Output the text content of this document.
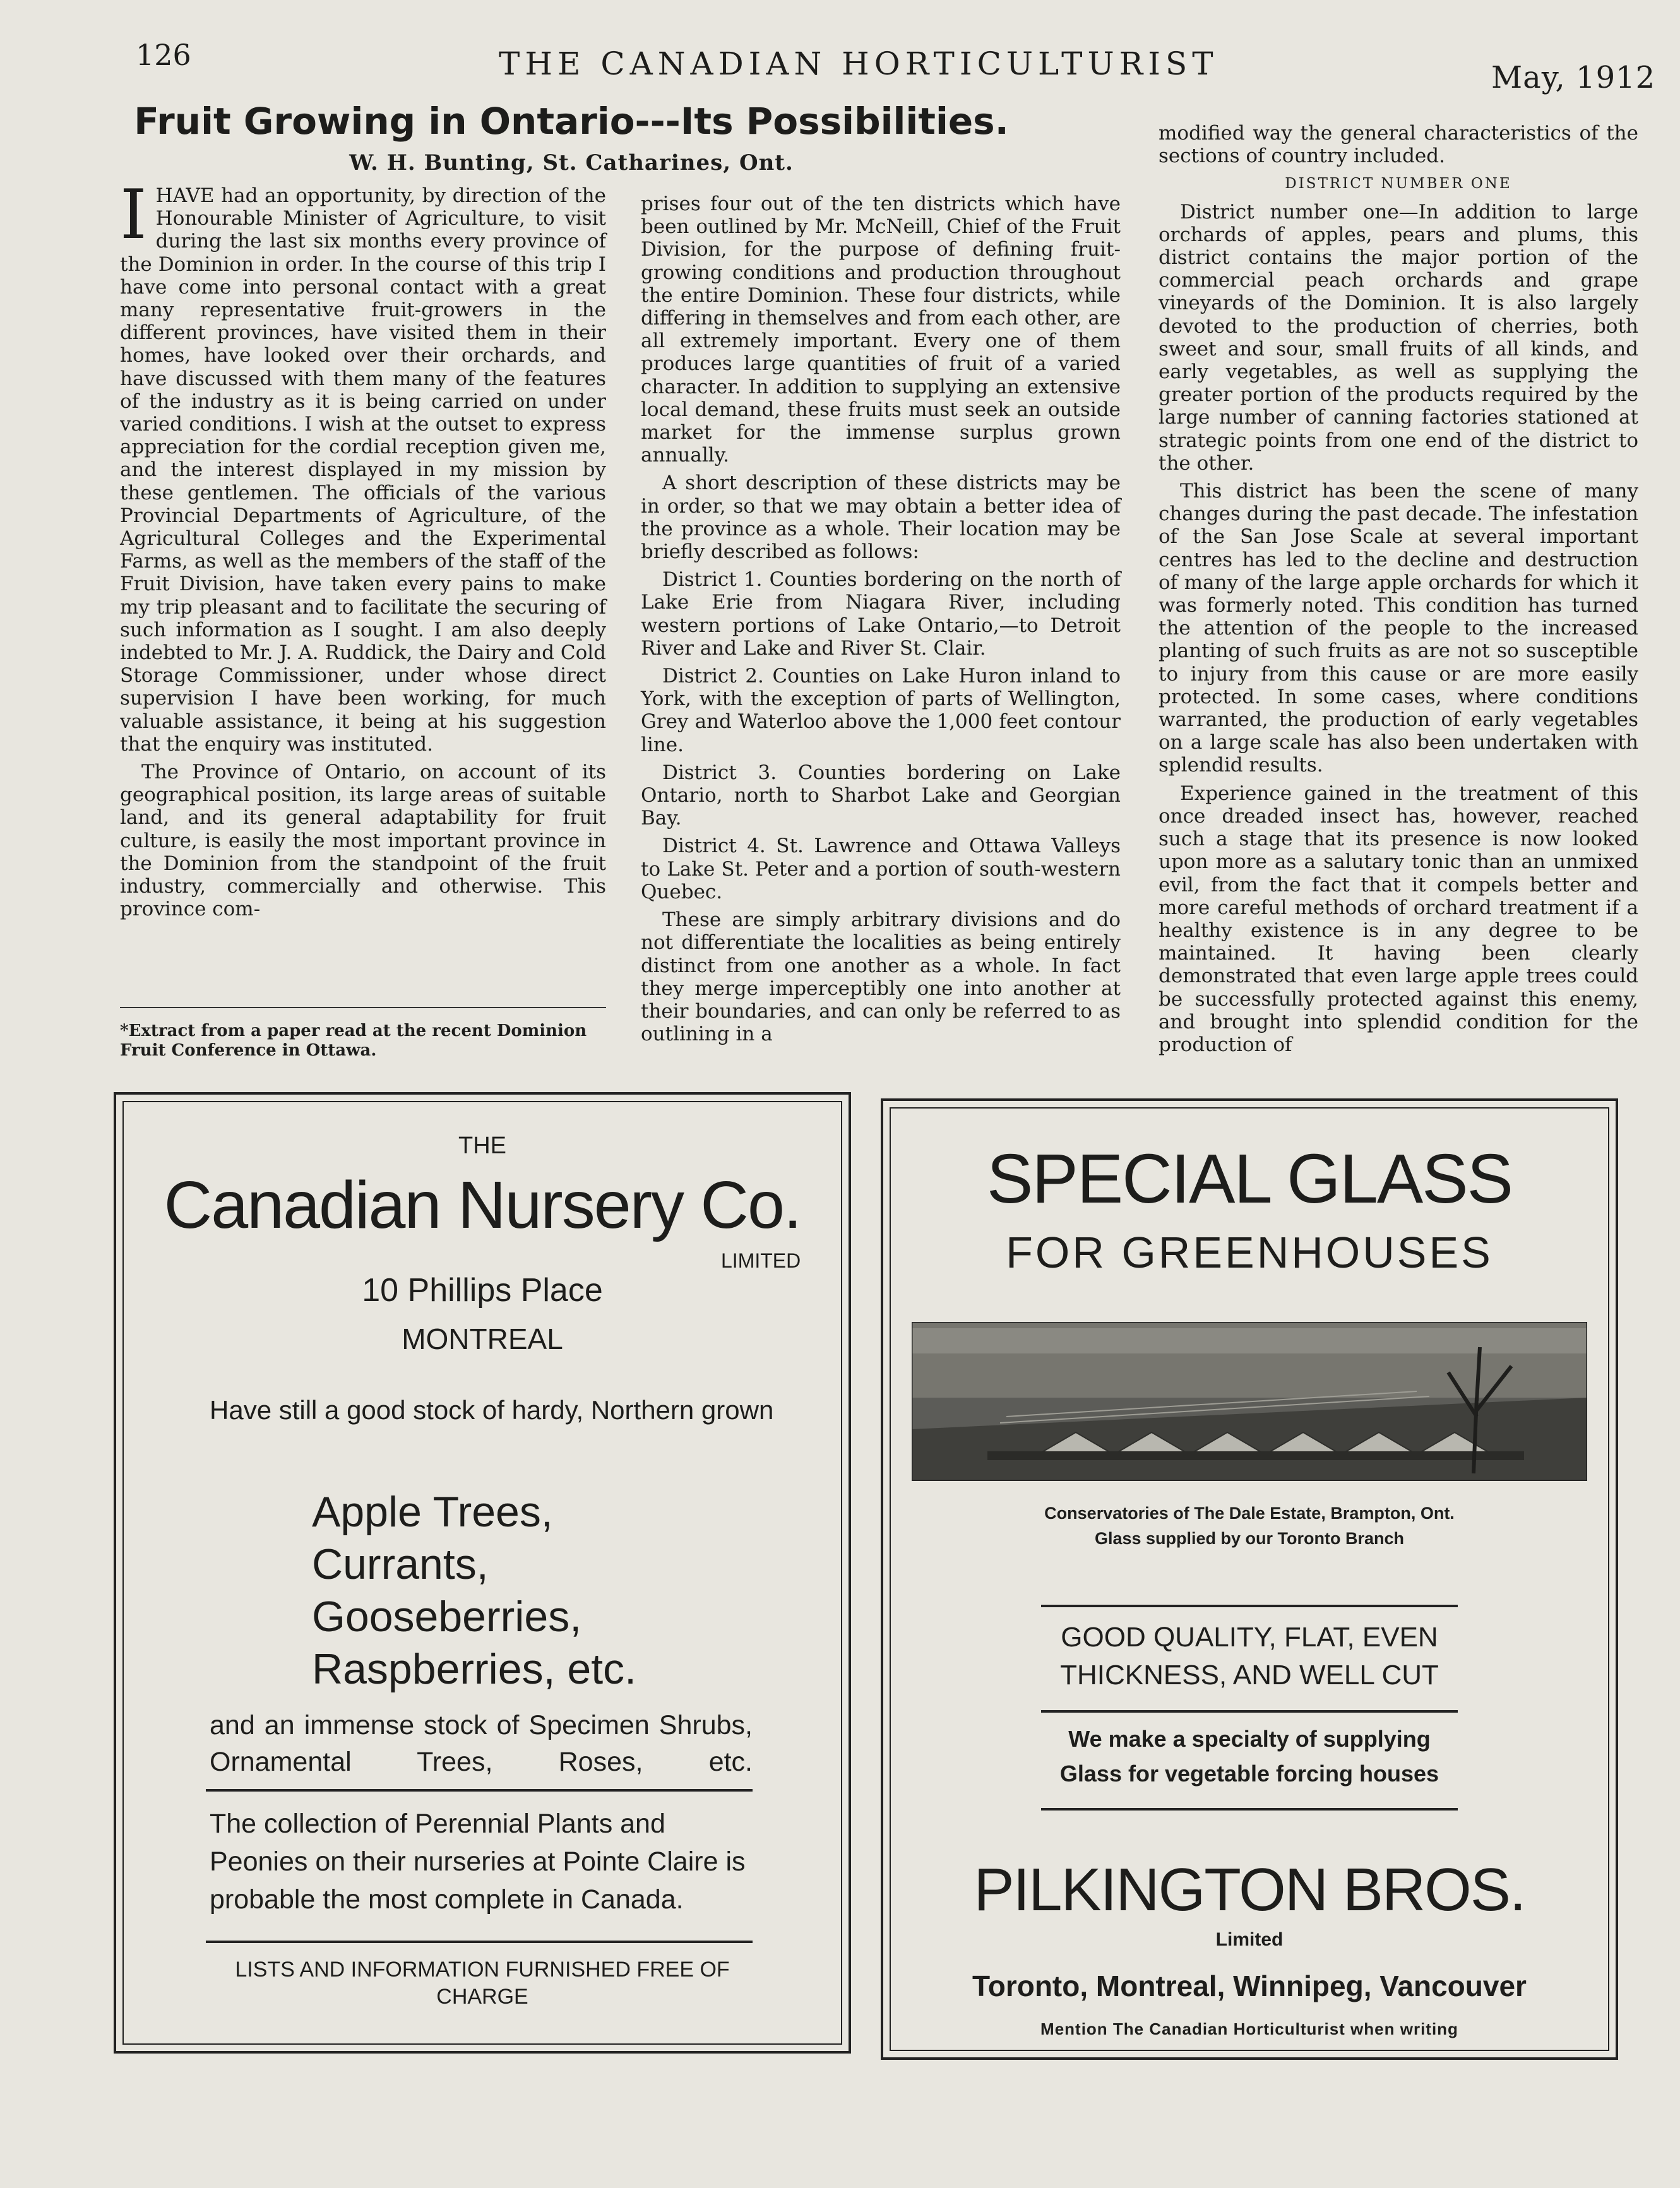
126	THE CANADIAN HORTICULTURIST	May, 1912
Fruit Growing in Ontario---Its Possibilities.
W. H. Bunting, St. Catharines, Ont.

IHAVE had an opportunity, by direction of the Honourable Minister of Agriculture, to visit during the last six months every province of the Dominion in order. In the course of this trip I have come into personal contact with a great many representative fruit-growers in the different provinces, have visited them in their homes, have looked over their orchards, and have discussed with them many of the features of the industry as it is being carried on under varied conditions. I wish at the outset to express appreciation for the cordial reception given me, and the interest displayed in my mission by these gentlemen. The officials of the various Provincial Departments of Agriculture, of the Agricultural Colleges and the Experimental Farms, as well as the members of the staff of the Fruit Division, have taken every pains to make my trip pleasant and to facilitate the securing of such information as I sought. I am also deeply indebted to Mr. J. A. Ruddick, the Dairy and Cold Storage Commissioner, under whose direct supervision I have been working, for much valuable assistance, it being at his suggestion that the enquiry was instituted.

The Province of Ontario, on account of its geographical position, its large areas of suitable land, and its general adaptability for fruit culture, is easily the most important province in the Dominion from the standpoint of the fruit industry, commercially and otherwise. This province com-

*Extract from a paper read at the recent Dominion Fruit Conference in Ottawa.

prises four out of the ten districts which have been outlined by Mr. McNeill, Chief of the Fruit Division, for the purpose of defining fruit-growing conditions and production throughout the entire Dominion. These four districts, while differing in themselves and from each other, are all extremely important. Every one of them produces large quantities of fruit of a varied character. In addition to supplying an extensive local demand, these fruits must seek an outside market for the immense surplus grown annually.

A short description of these districts may be in order, so that we may obtain a better idea of the province as a whole. Their location may be briefly described as follows:

District 1. Counties bordering on the north of Lake Erie from Niagara River, including western portions of Lake Ontario,—to Detroit River and Lake and River St. Clair.

District 2. Counties on Lake Huron inland to York, with the exception of parts of Wellington, Grey and Waterloo above the 1,000 feet contour line.

District 3. Counties bordering on Lake Ontario, north to Sharbot Lake and Georgian Bay.

District 4. St. Lawrence and Ottawa Valleys to Lake St. Peter and a portion of south-western Quebec.

These are simply arbitrary divisions and do not differentiate the localities as being entirely distinct from one another as a whole. In fact they merge imperceptibly one into another at their boundaries, and can only be referred to as outlining in a

modified way the general characteristics of the sections of country included.

DISTRICT NUMBER ONE

District number one—In addition to large orchards of apples, pears and plums, this district contains the major portion of the commercial peach orchards and grape vineyards of the Dominion. It is also largely devoted to the production of cherries, both sweet and sour, small fruits of all kinds, and early vegetables, as well as supplying the greater portion of the products required by the large number of canning factories stationed at strategic points from one end of the district to the other.

This district has been the scene of many changes during the past decade. The infestation of the San Jose Scale at several important centres has led to the decline and destruction of many of the large apple orchards for which it was formerly noted. This condition has turned the attention of the people to the increased planting of such fruits as are not so susceptible to injury from this cause or are more easily protected. In some cases, where conditions warranted, the production of early vegetables on a large scale has also been undertaken with splendid results.

Experience gained in the treatment of this once dreaded insect has, however, reached such a stage that its presence is now looked upon more as a salutary tonic than an unmixed evil, from the fact that it compels better and more careful methods of orchard treatment if a healthy existence is in any degree to be maintained. It having been clearly demonstrated that even large apple trees could be successfully protected against this enemy, and brought into splendid condition for the production of

THE
Canadian Nursery Co.
LIMITED
10 Phillips Place
MONTREAL
Have still a good stock of hardy, Northern grown
Apple Trees,
Currants,
Gooseberries,
Raspberries, etc.
and an immense stock of Specimen Shrubs, Ornamental Trees, Roses, etc.
The collection of Perennial Plants and Peonies on their nurseries at Pointe Claire is probable the most complete in Canada.
LISTS AND INFORMATION FURNISHED FREE OF CHARGE
SPECIAL GLASS
FOR GREENHOUSES
Conservatories of The Dale Estate, Brampton, Ont.
Glass supplied by our Toronto Branch
GOOD QUALITY, FLAT, EVEN
THICKNESS, AND WELL CUT
We make a specialty of supplying
Glass for vegetable forcing houses
PILKINGTON BROS.
Limited
Toronto, Montreal, Winnipeg, Vancouver
Mention The Canadian Horticulturist when writing
